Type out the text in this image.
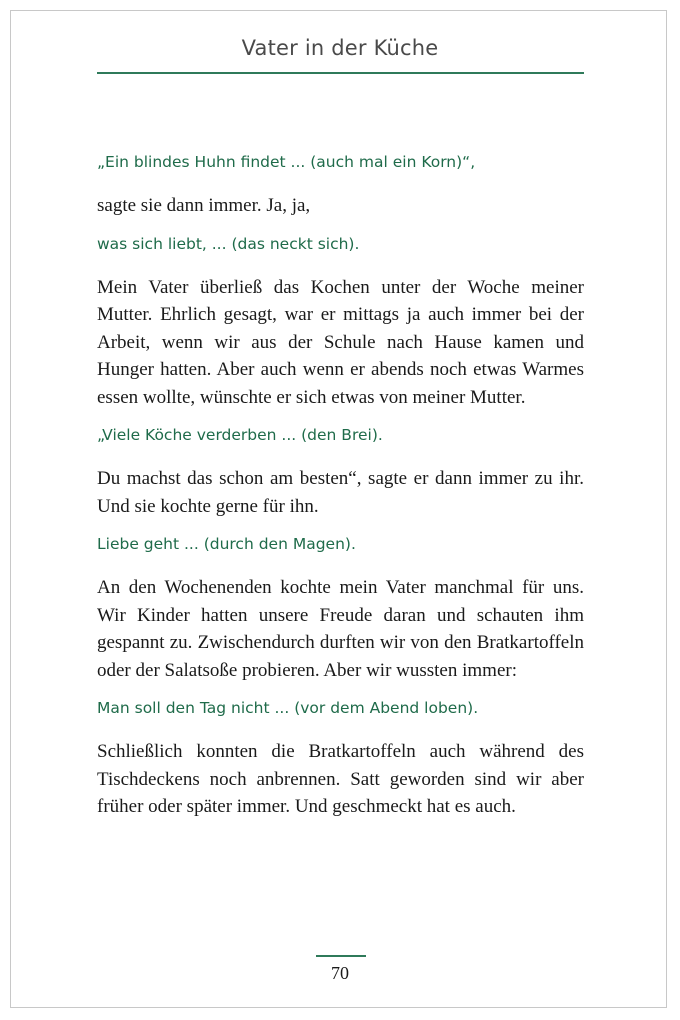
Vater in der Küche

„Ein blindes Huhn findet ... (auch mal ein Korn)“,

sagte sie dann immer. Ja, ja,

was sich liebt, ... (das neckt sich).

Mein Vater überließ das Kochen unter der Woche meiner Mutter. Ehrlich gesagt, war er mittags ja auch immer bei der Arbeit, wenn wir aus der Schule nach Hause kamen und Hunger hatten. Aber auch wenn er abends noch etwas Warmes essen wollte, wünschte er sich etwas von meiner Mutter.

„Viele Köche verderben ... (den Brei).

Du machst das schon am besten“, sagte er dann immer zu ihr. Und sie kochte gerne für ihn.

Liebe geht ... (durch den Magen).

An den Wochenenden kochte mein Vater manchmal für uns. Wir Kinder hatten unsere Freude daran und schauten ihm gespannt zu. Zwischendurch durften wir von den Bratkartoffeln oder der Salatsoße probieren. Aber wir wussten immer:

Man soll den Tag nicht ... (vor dem Abend loben).

Schließlich konnten die Bratkartoffeln auch während des Tischdeckens noch anbrennen. Satt geworden sind wir aber früher oder später immer. Und geschmeckt hat es auch.

70
